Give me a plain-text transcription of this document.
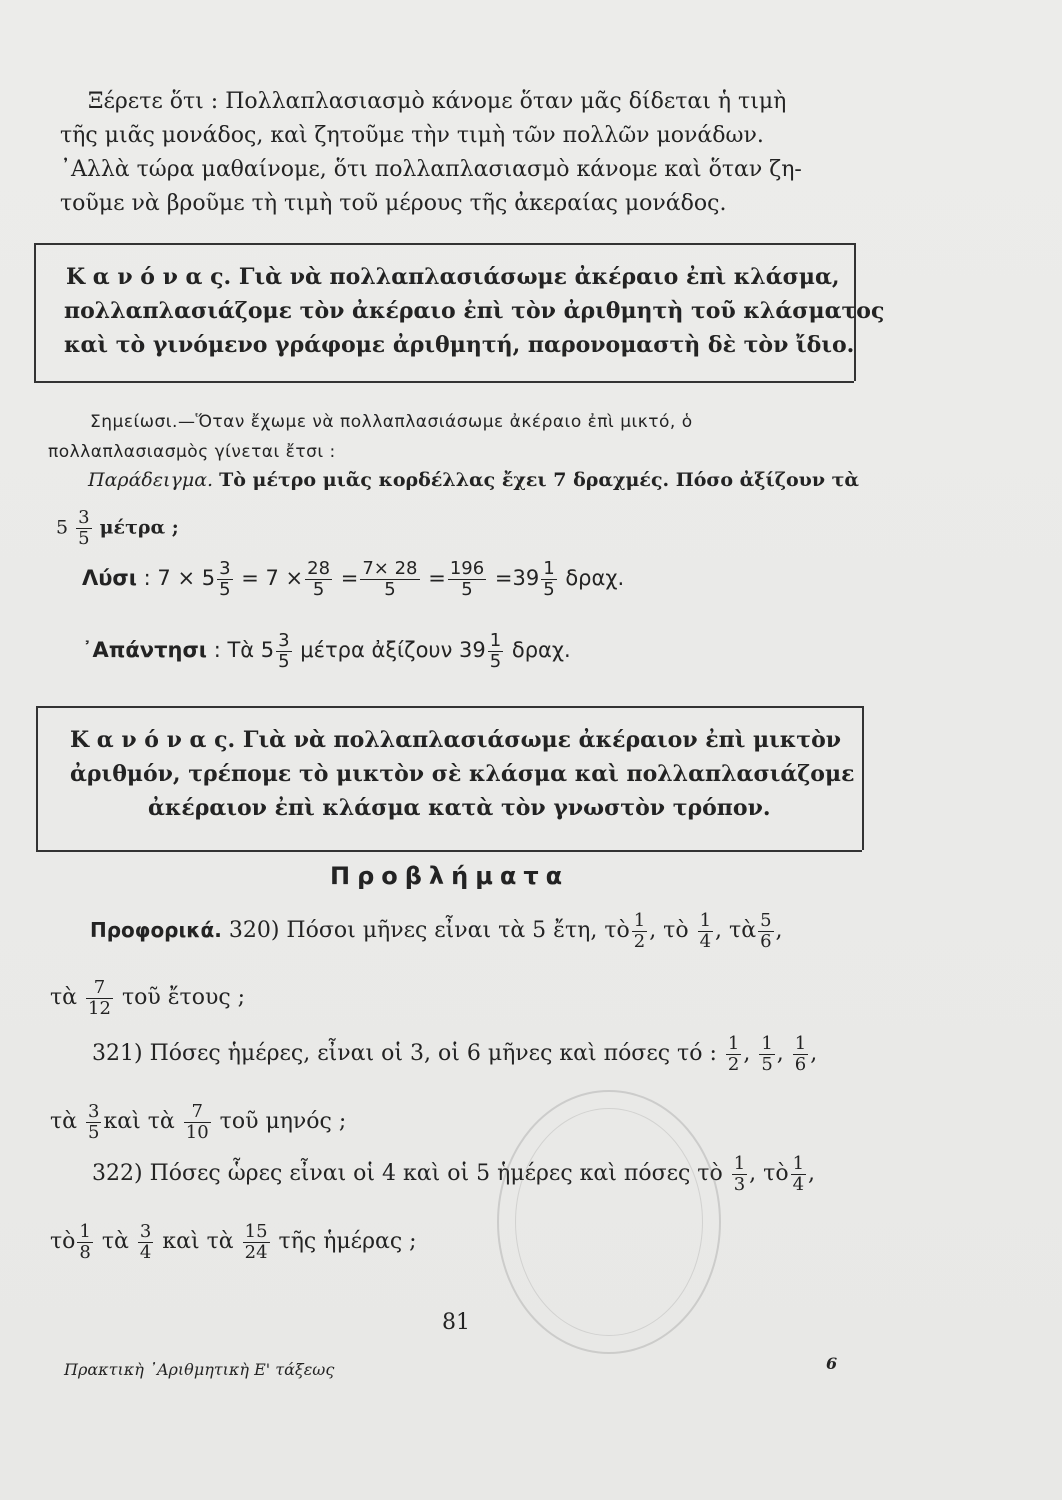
Ξέρετε ὅτι : Πολλαπλασιασμὸ κάνομε ὅταν μᾶς δίδεται ἡ τιμὴ
τῆς μιᾶς μονάδος, καὶ ζητοῦμε τὴν τιμὴ τῶν πολλῶν μονάδων.
᾿Αλλὰ τώρα μαθαίνομε, ὅτι πολλαπλασιασμὸ κάνομε καὶ ὅταν ζη-
τοῦμε νὰ βροῦμε τὴ τιμὴ τοῦ μέρους τῆς ἀκεραίας μονάδος.
Κ α ν ό ν α ς. Γιὰ νὰ πολλαπλασιάσωμε ἀκέραιο ἐπὶ κλάσμα,
πολλαπλασιάζομε τὸν ἀκέραιο ἐπὶ τὸν ἀριθμητὴ τοῦ κλάσματος
καὶ τὸ γινόμενο γράφομε ἀριθμητή, παρονομαστὴ δὲ τὸν ἴδιο.
Σημείωσι.—Ὅταν ἔχωμε νὰ πολλαπλασιάσωμε ἀκέραιο ἐπὶ μικτό, ὁ
πολλαπλασιασμὸς γίνεται ἔτσι :
Παράδειγμα. Τὸ μέτρο μιᾶς κορδέλλας ἔχει 7 δραχμές. Πόσο ἀξίζουν τὰ
$5 \frac{3}{5}$ μέτρα ;
Λύσι : $7 \times 5 \frac{3}{5} = 7 \times \frac{28}{5} = \frac{7\times 28}{5} = \frac{196}{5} =39 \frac{1}{5} \delta\rho\alpha\chi$.
᾿Απάντησι : Τὰ $5 \frac{3}{5}$ μέτρα ἀξίζουν $39 \frac{1}{5} \delta\rho\alpha\chi$.
Κ α ν ό ν α ς. Γιὰ νὰ πολλαπλασιάσωμε ἀκέραιον ἐπὶ μικτὸν
ἀριθμόν, τρέπομε τὸ μικτὸν σὲ κλάσμα καὶ πολλαπλασιάζομε
ἀκέραιον ἐπὶ κλάσμα κατὰ τὸν γνωστὸν τρόπον.
Προβλήματα
Προφορικά. 320) Πόσοι μῆνες εἶναι τὰ 5 ἔτη, τὸ $\frac{1}{2}$ , τὸ $\frac{1}{4}$ , τὰ $\frac{5}{6}$ ,
τὰ $\frac{7}{12}$ τοῦ ἔτους ;
321) Πόσες ἡμέρες, εἶναι οἱ 3, οἱ 6 μῆνες καὶ πόσες τό : $\frac{1}{2}$ , $\frac{1}{5}$ , $\frac{1}{6}$ ,
τὰ $\frac{3}{5}$ καὶ τὰ $\frac{7}{10}$ τοῦ μηνός ;
322) Πόσες ὧρες εἶναι οἱ 4 καὶ οἱ 5 ἡμέρες καὶ πόσες τὸ $\frac{1}{3}$ , τὸ $\frac{1}{4}$ ,
τὸ $\frac{1}{8}$ τὰ $\frac{3}{4}$ καὶ τὰ $\frac{15}{24}$ τῆς ἡμέρας ;
81
Πρακτικὴ ᾿Αριθμητικὴ Ε' τάξεως	6
